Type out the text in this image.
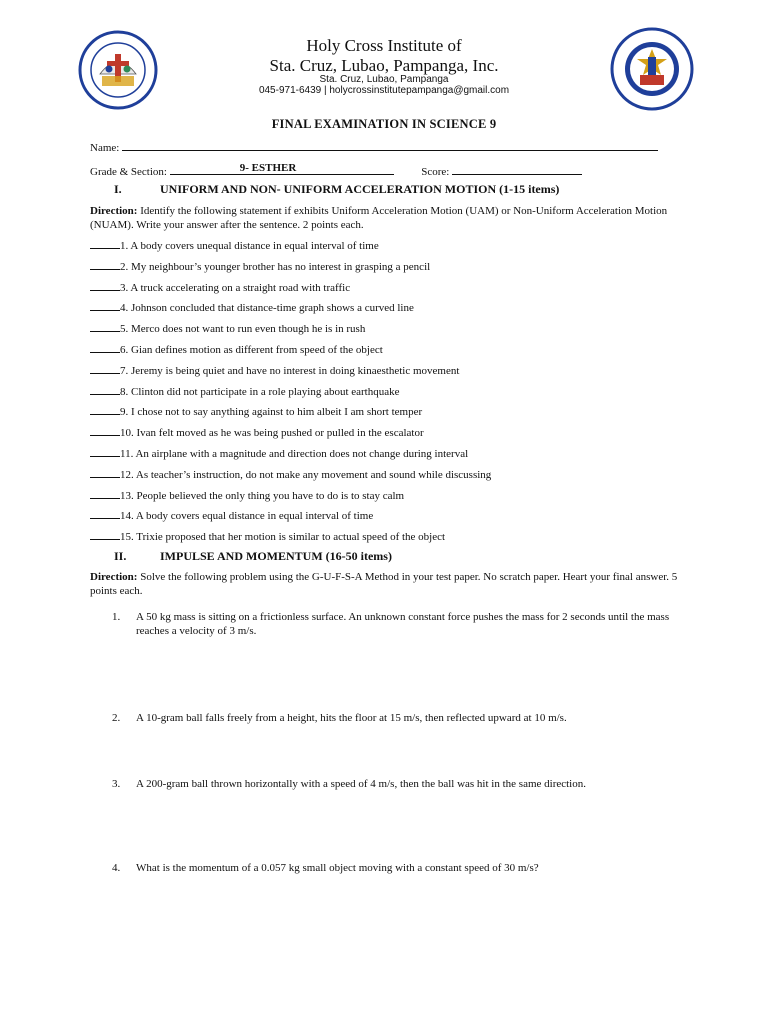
Holy Cross Institute of
Sta. Cruz, Lubao, Pampanga, Inc.
Sta. Cruz, Lubao, Pampanga
045-971-6439 | holycrossinstitutepampanga@gmail.com
FINAL EXAMINATION IN SCIENCE 9
Name:
Grade & Section:	9- ESTHER	Score:
I.	UNIFORM AND NON- UNIFORM ACCELERATION MOTION (1-15 items)
Direction: Identify the following statement if exhibits Uniform Acceleration Motion (UAM) or Non-Uniform Acceleration Motion (NUAM). Write your answer after the sentence. 2 points each.
1. A body covers unequal distance in equal interval of time
2. My neighbour’s younger brother has no interest in grasping a pencil
3. A truck accelerating on a straight road with traffic
4. Johnson concluded that distance-time graph shows a curved line
5. Merco does not want to run even though he is in rush
6. Gian defines motion as different from speed of the object
7. Jeremy is being quiet and have no interest in doing kinaesthetic movement
8. Clinton did not participate in a role playing about earthquake
9. I chose not to say anything against to him albeit I am short temper
10. Ivan felt moved as he was being pushed or pulled in the escalator
11. An airplane with a magnitude and direction does not change during interval
12. As teacher’s instruction, do not make any movement and sound while discussing
13. People believed the only thing you have to do is to stay calm
14. A body covers equal distance in equal interval of time
15. Trixie proposed that her motion is similar to actual speed of the object
II.	IMPULSE AND MOMENTUM (16-50 items)
Direction: Solve the following problem using the G-U-F-S-A Method in your test paper. No scratch paper. Heart your final answer. 5 points each.
1. A 50 kg mass is sitting on a frictionless surface. An unknown constant force pushes the mass for 2 seconds until the mass reaches a velocity of 3 m/s.
2. A 10-gram ball falls freely from a height, hits the floor at 15 m/s, then reflected upward at 10 m/s.
3. A 200-gram ball thrown horizontally with a speed of 4 m/s, then the ball was hit in the same direction.
4. What is the momentum of a 0.057 kg small object moving with a constant speed of 30 m/s?
